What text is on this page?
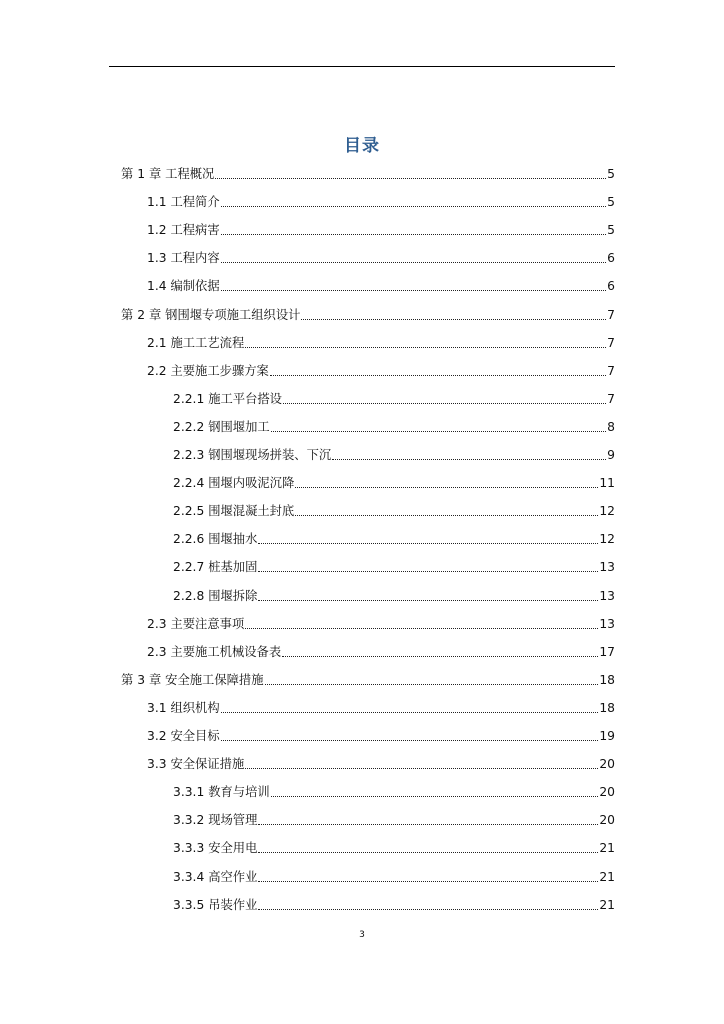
目录
第 1 章 工程概况	5
1.1 工程简介	5
1.2 工程病害	5
1.3 工程内容	6
1.4 编制依据	6
第 2 章 钢围堰专项施工组织设计	7
2.1 施工工艺流程	7
2.2 主要施工步骤方案	7
2.2.1 施工平台搭设	7
2.2.2 钢围堰加工	8
2.2.3 钢围堰现场拼装、下沉	9
2.2.4 围堰内吸泥沉降	11
2.2.5 围堰混凝土封底	12
2.2.6 围堰抽水	12
2.2.7 桩基加固	13
2.2.8 围堰拆除	13
2.3 主要注意事项	13
2.3 主要施工机械设备表	17
第 3 章 安全施工保障措施	18
3.1 组织机构	18
3.2 安全目标	19
3.3 安全保证措施	20
3.3.1 教育与培训	20
3.3.2 现场管理	20
3.3.3 安全用电	21
3.3.4 高空作业	21
3.3.5 吊装作业	21
3
